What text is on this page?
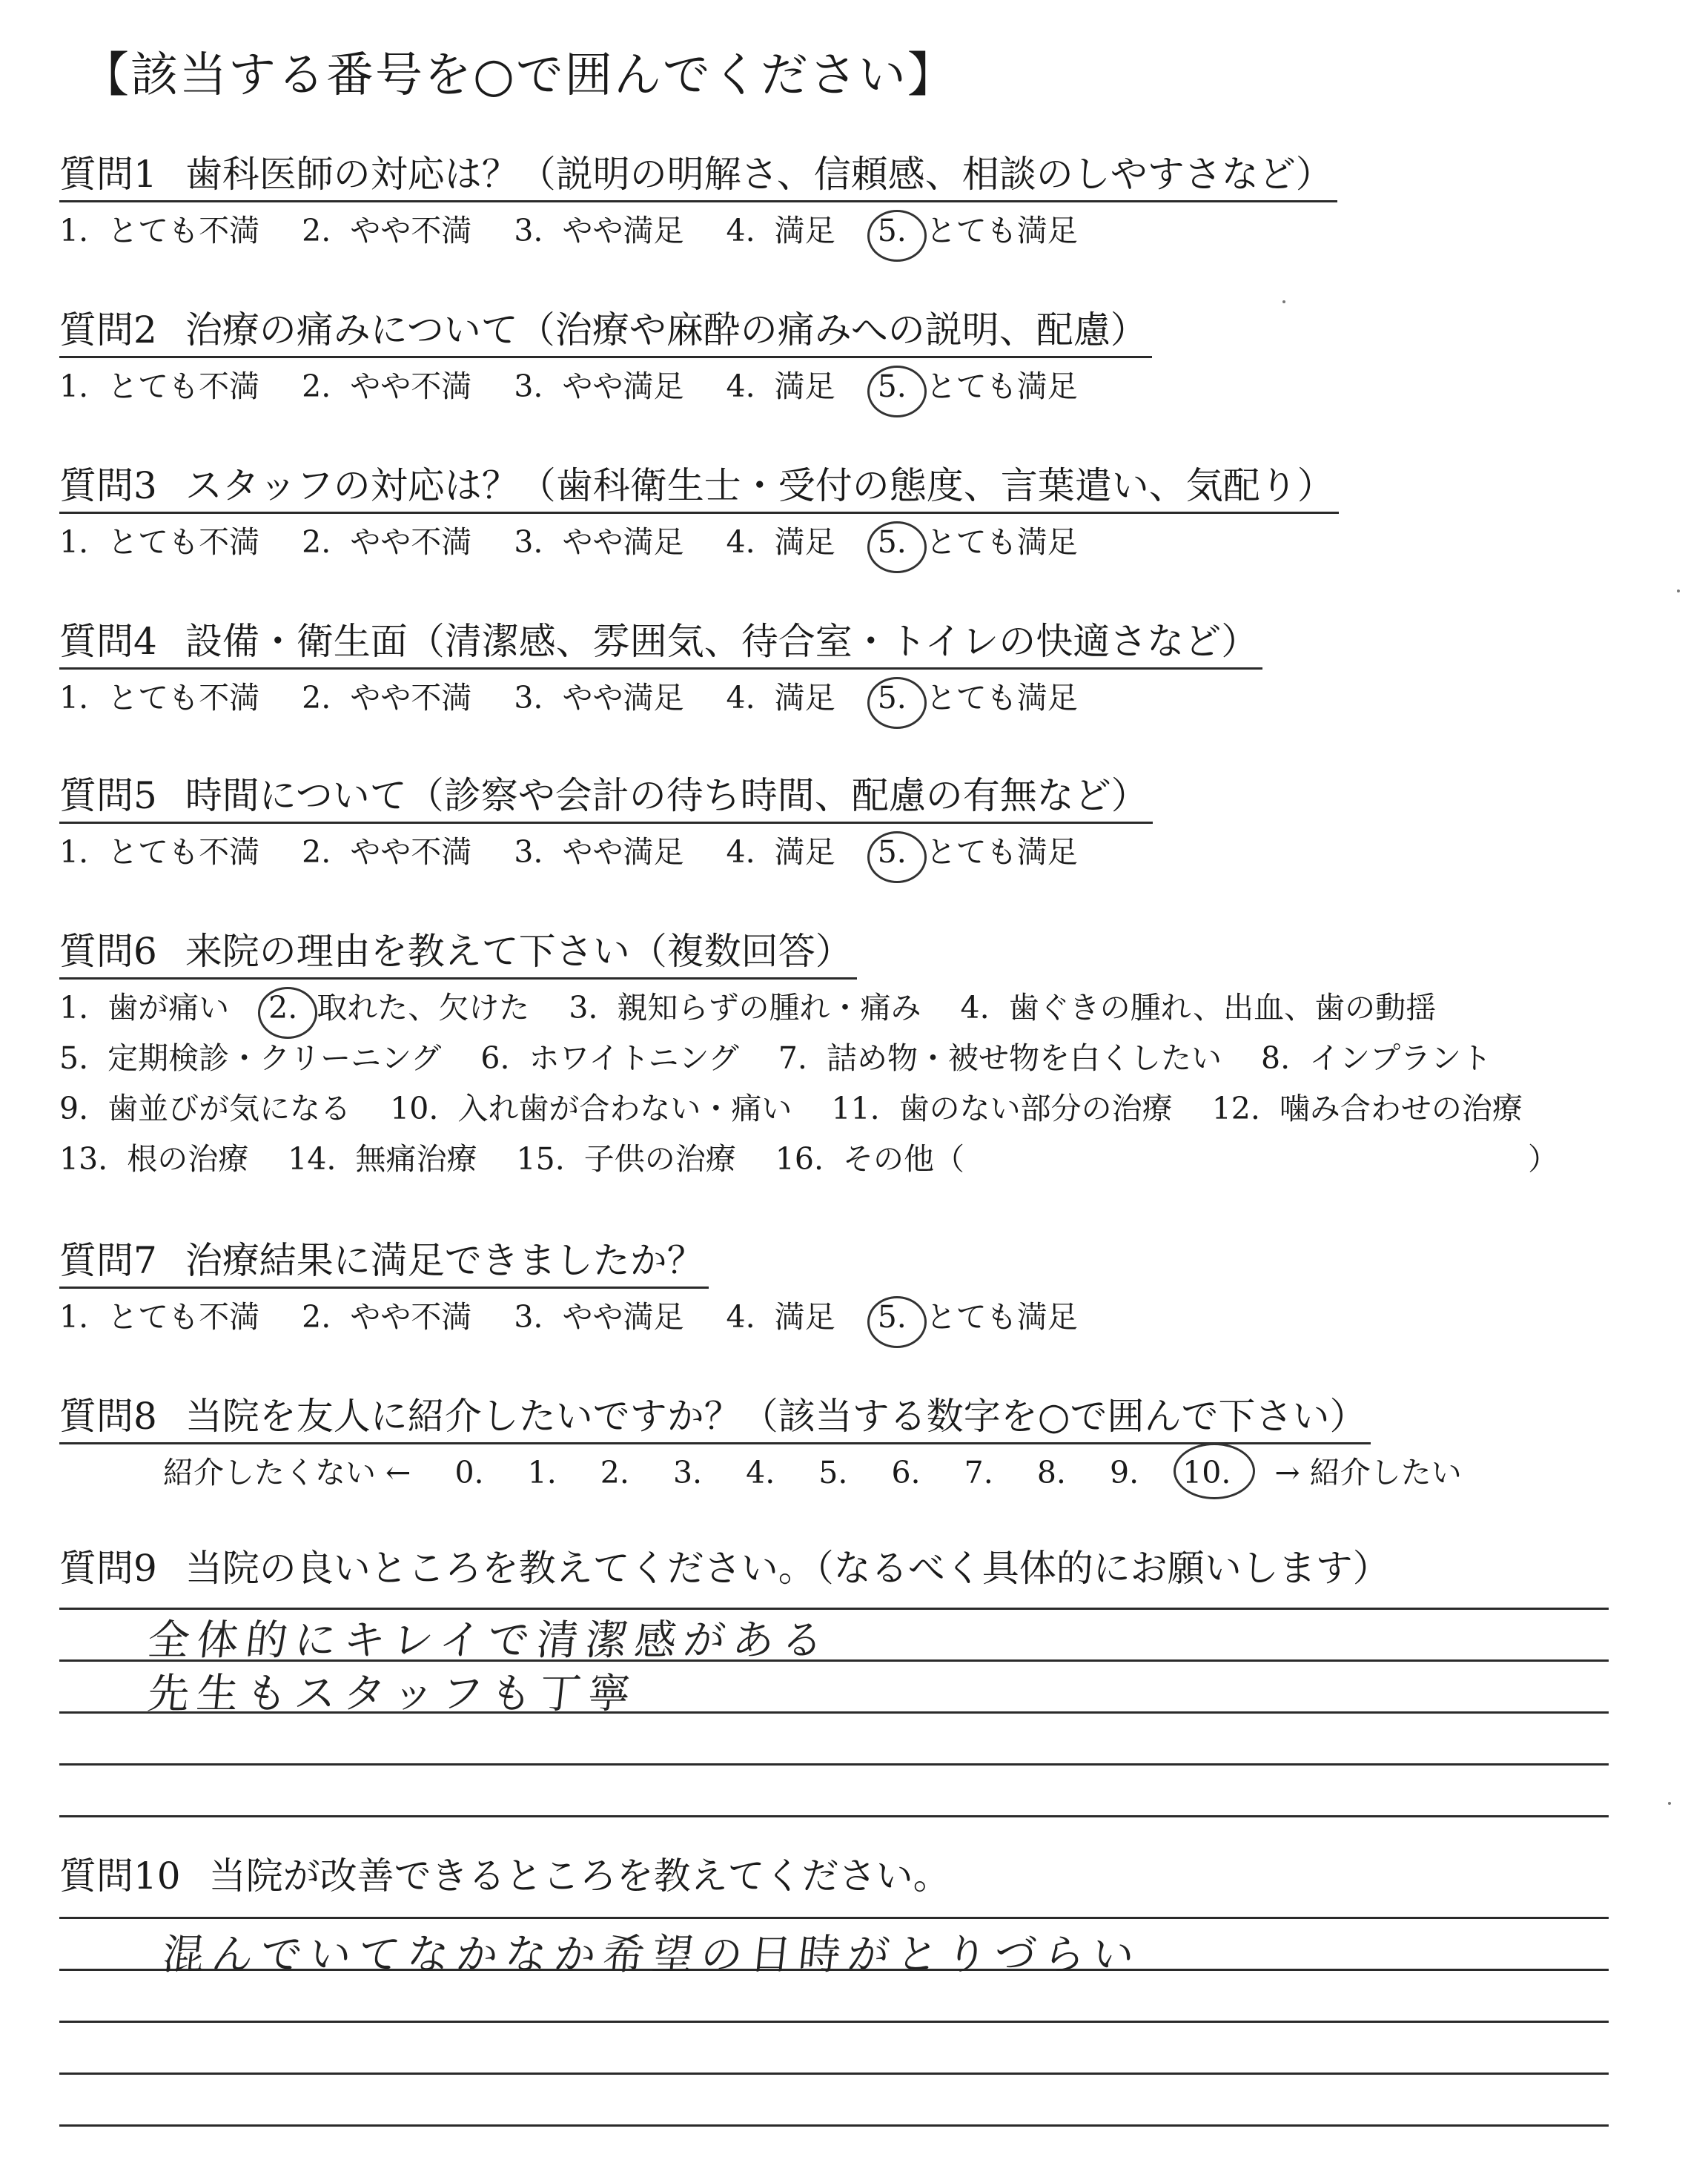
【該当する番号を○で囲んでください】
質問1 歯科医師の対応は？（説明の明解さ、信頼感、相談のしやすさなど）
1. とても不満 2. やや不満 3. やや満足 4. 満足 5. とても満足
質問2 治療の痛みについて（治療や麻酔の痛みへの説明、配慮）
1. とても不満 2. やや不満 3. やや満足 4. 満足 5. とても満足
質問3 スタッフの対応は？（歯科衛生士・受付の態度、言葉遣い、気配り）
1. とても不満 2. やや不満 3. やや満足 4. 満足 5. とても満足
質問4 設備・衛生面（清潔感、雰囲気、待合室・トイレの快適さなど）
1. とても不満 2. やや不満 3. やや満足 4. 満足 5. とても満足
質問5 時間について（診察や会計の待ち時間、配慮の有無など）
1. とても不満 2. やや不満 3. やや満足 4. 満足 5. とても満足
質問6 来院の理由を教えて下さい（複数回答）
1. 歯が痛い 2. 取れた、欠けた 3. 親知らずの腫れ・痛み 4. 歯ぐきの腫れ、出血、歯の動揺
5. 定期検診・クリーニング 6. ホワイトニング 7. 詰め物・被せ物を白くしたい 8. インプラント
9. 歯並びが気になる 10. 入れ歯が合わない・痛い 11. 歯のない部分の治療 12. 噛み合わせの治療
13. 根の治療 14. 無痛治療 15. 子供の治療 16. その他（	）
質問7 治療結果に満足できましたか？
1. とても不満 2. やや不満 3. やや満足 4. 満足 5. とても満足
質問8 当院を友人に紹介したいですか？（該当する数字を○で囲んで下さい）
紹介したくない ← 0. 1. 2. 3. 4. 5. 6. 7. 8. 9. 10. → 紹介したい
質問9 当院の良いところを教えてください。（なるべく具体的にお願いします）
全体的にキレイで清潔感がある
先生もスタッフも丁寧
質問10 当院が改善できるところを教えてください。
混んでいてなかなか希望の日時がとりづらい
